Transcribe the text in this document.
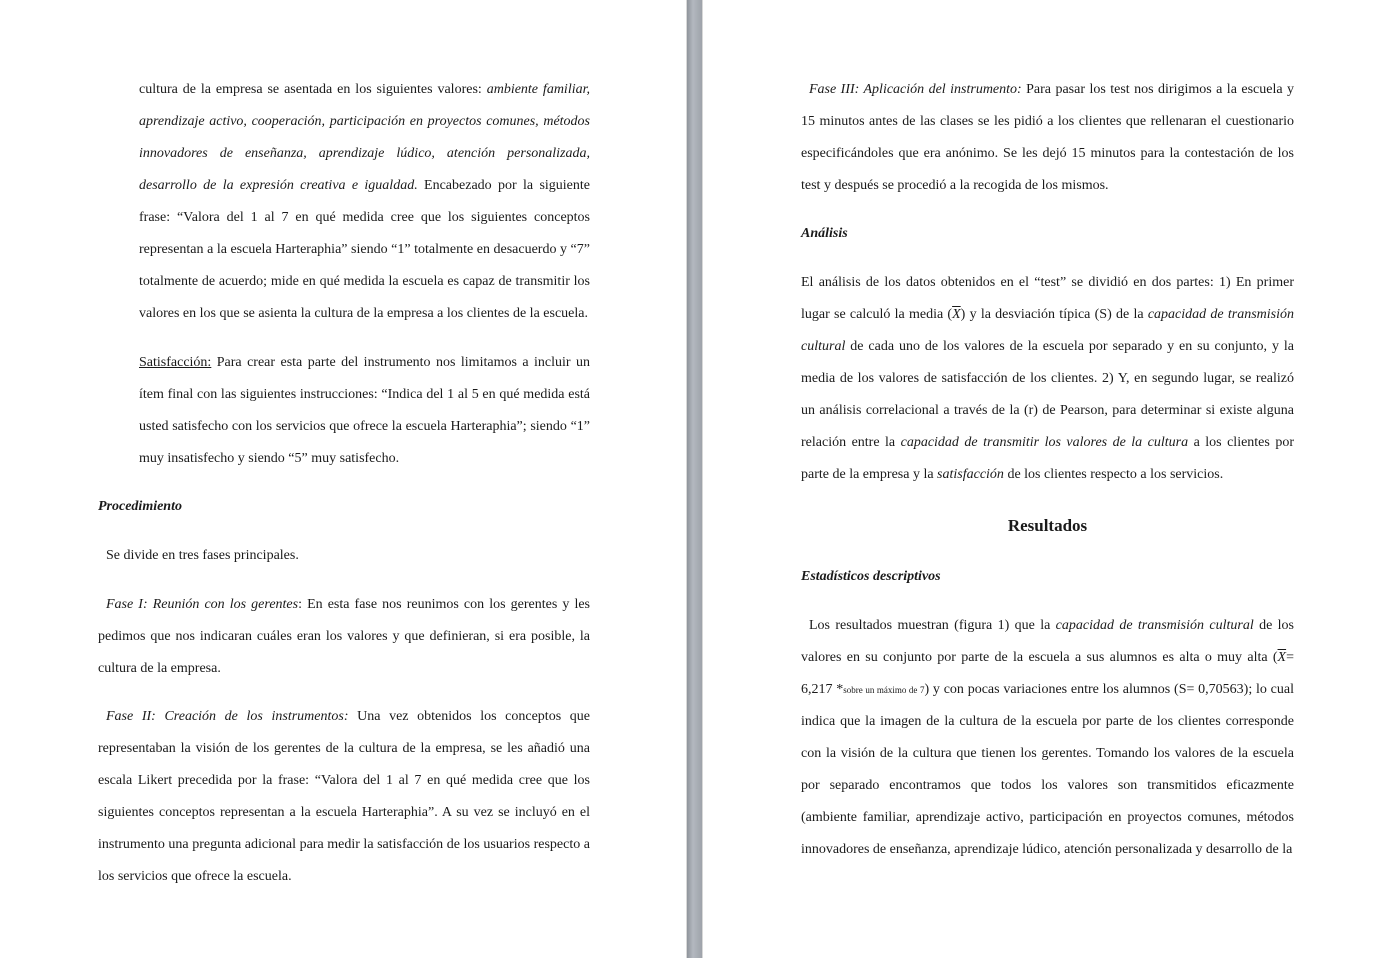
cultura de la empresa se asentada en los siguientes valores: ambiente familiar, aprendizaje activo, cooperación, participación en proyectos comunes, métodos innovadores de enseñanza, aprendizaje lúdico, atención personalizada, desarrollo de la expresión creativa e igualdad. Encabezado por la siguiente frase: “Valora del 1 al 7 en qué medida cree que los siguientes conceptos representan a la escuela Harteraphia” siendo “1” totalmente en desacuerdo y “7” totalmente de acuerdo; mide en qué medida la escuela es capaz de transmitir los valores en los que se asienta la cultura de la empresa a los clientes de la escuela.

Satisfacción: Para crear esta parte del instrumento nos limitamos a incluir un ítem final con las siguientes instrucciones: “Indica del 1 al 5 en qué medida está usted satisfecho con los servicios que ofrece la escuela Harteraphia”; siendo “1” muy insatisfecho y siendo “5” muy satisfecho.

Procedimiento

Se divide en tres fases principales.

Fase I: Reunión con los gerentes: En esta fase nos reunimos con los gerentes y les pedimos que nos indicaran cuáles eran los valores y que definieran, si era posible, la cultura de la empresa.

Fase II: Creación de los instrumentos: Una vez obtenidos los conceptos que representaban la visión de los gerentes de la cultura de la empresa, se les añadió una escala Likert precedida por la frase: “Valora del 1 al 7 en qué medida cree que los siguientes conceptos representan a la escuela Harteraphia”. A su vez se incluyó en el instrumento una pregunta adicional para medir la satisfacción de los usuarios respecto a los servicios que ofrece la escuela.

Fase III: Aplicación del instrumento: Para pasar los test nos dirigimos a la escuela y 15 minutos antes de las clases se les pidió a los clientes que rellenaran el cuestionario especificándoles que era anónimo. Se les dejó 15 minutos para la contestación de los test y después se procedió a la recogida de los mismos.

Análisis

El análisis de los datos obtenidos en el “test” se dividió en dos partes: 1) En primer lugar se calculó la media $(\overline{X})$ y la desviación típica (S) de la capacidad de transmisión cultural de cada uno de los valores de la escuela por separado y en su conjunto, y la media de los valores de satisfacción de los clientes. 2) Y, en segundo lugar, se realizó un análisis correlacional a través de la (r) de Pearson, para determinar si existe alguna relación entre la capacidad de transmitir los valores de la cultura a los clientes por parte de la empresa y la satisfacción de los clientes respecto a los servicios.

Resultados

Estadísticos descriptivos

Los resultados muestran (figura 1) que la capacidad de transmisión cultural de los valores en su conjunto por parte de la escuela a sus alumnos es alta o muy alta ($\overline{X}= 6,217$ *sobre un máximo de 7) y con pocas variaciones entre los alumnos (S= 0,70563); lo cual indica que la imagen de la cultura de la escuela por parte de los clientes corresponde con la visión de la cultura que tienen los gerentes. Tomando los valores de la escuela por separado encontramos que todos los valores son transmitidos eficazmente (ambiente familiar, aprendizaje activo, participación en proyectos comunes, métodos innovadores de enseñanza, aprendizaje lúdico, atención personalizada y desarrollo de la
